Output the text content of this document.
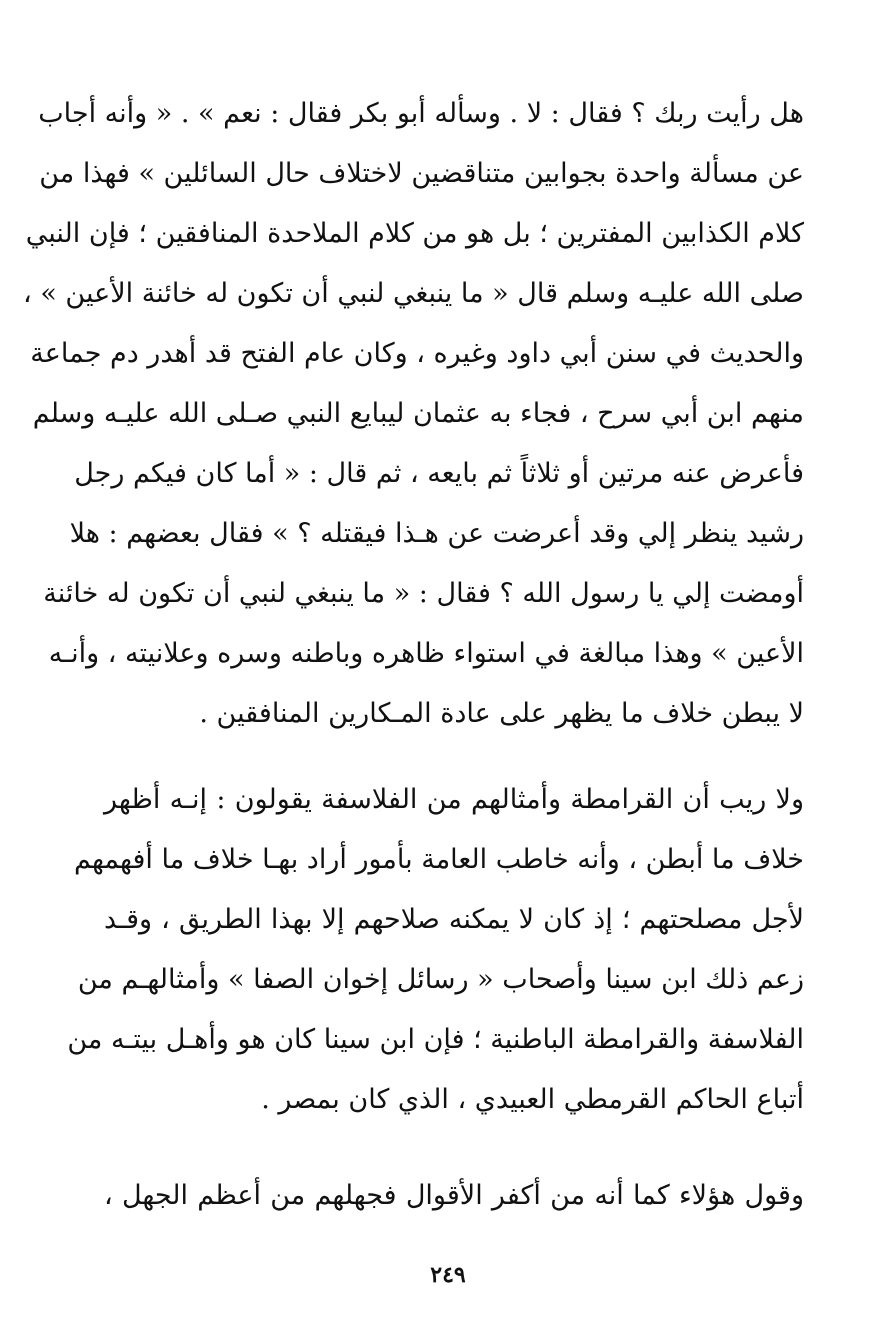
هل رأيت ربك ؟ فقال : لا . وسأله أبو بكر فقال : نعم » . « وأنه أجاب
عن مسألة واحدة بجوابين متناقضين لاختلاف حال السائلين » فهذا من
كلام الكذابين المفترين ؛ بل هو من كلام الملاحدة المنافقين ؛ فإن النبي
صلى الله عليـه وسلم قال « ما ينبغي لنبي أن تكون له خائنة الأعين » ،
والحديث في سنن أبي داود وغيره ، وكان عام الفتح قد أهدر دم جماعة
منهم ابن أبي سرح ، فجاء به عثمان ليبايع النبي صـلى الله عليـه وسلم
فأعرض عنه مرتين أو ثلاثاً ثم بايعه ، ثم قال : « أما كان فيكم رجل
رشيد ينظر إلي وقد أعرضت عن هـذا فيقتله ؟ » فقال بعضهم : هلا
أومضت إلي يا رسول الله ؟ فقال : « ما ينبغي لنبي أن تكون له خائنة
الأعين » وهذا مبالغة في استواء ظاهره وباطنه وسره وعلانيته ، وأنـه
لا يبطن خلاف ما يظهر على عادة المـكارين المنافقين .
ولا ريب أن القرامطة وأمثالهم من الفلاسفة يقولون : إنـه أظهر
خلاف ما أبطن ، وأنه خاطب العامة بأمور أراد بهـا خلاف ما أفهمهم
لأجل مصلحتهم ؛ إذ كان لا يمكنه صلاحهم إلا بهذا الطريق ، وقـد
زعم ذلك ابن سينا وأصحاب « رسائل إخوان الصفا » وأمثالهـم من
الفلاسفة والقرامطة الباطنية ؛ فإن ابن سينا كان هو وأهـل بيتـه من
أتباع الحاكم القرمطي العبيدي ، الذي كان بمصر .
وقول هؤلاء كما أنه من أكفر الأقوال فجهلهم من أعظم الجهل ،
٢٤٩
